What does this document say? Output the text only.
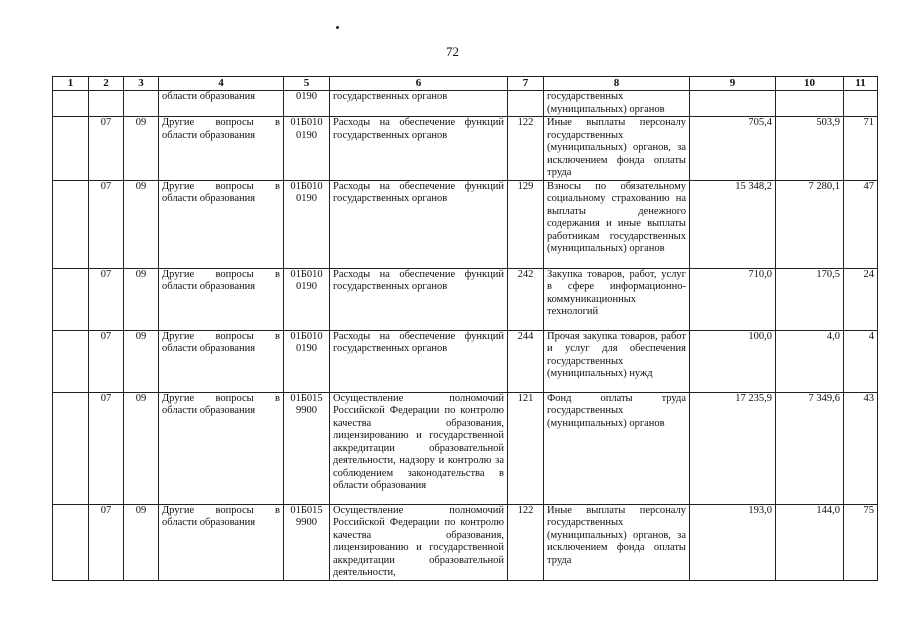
72
1	2	3	4	5	6	7	8	9	10	11
			области образования	0190	государственных органов		государственных (муниципальных) органов			
	07	09	Другие вопросы в области образования	01Б010 0190	Расходы на обеспечение функций государственных органов	122	Иные выплаты персоналу государственных (муниципальных) органов, за исключением фонда оплаты труда	705,4	503,9	71
	07	09	Другие вопросы в области образования	01Б010 0190	Расходы на обеспечение функций государственных органов	129	Взносы по обязательному социальному страхованию на выплаты денежного содержания и иные выплаты работникам государственных (муниципальных) органов	15 348,2	7 280,1	47
	07	09	Другие вопросы в области образования	01Б010 0190	Расходы на обеспечение функций государственных органов	242	Закупка товаров, работ, услуг в сфере информационно-коммуникационных технологий	710,0	170,5	24
	07	09	Другие вопросы в области образования	01Б010 0190	Расходы на обеспечение функций государственных органов	244	Прочая закупка товаров, работ и услуг для обеспечения государственных (муниципальных) нужд	100,0	4,0	4
	07	09	Другие вопросы в области образования	01Б015 9900	Осуществление полномочий Российской Федерации по контролю качества образования, лицензированию и государственной аккредитации образовательной деятельности, надзору и контролю за соблюдением законодательства в области образования	121	Фонд оплаты труда государственных (муниципальных) органов	17 235,9	7 349,6	43
	07	09	Другие вопросы в области образования	01Б015 9900	Осуществление полномочий Российской Федерации по контролю качества образования, лицензированию и государственной аккредитации образовательной деятельности,	122	Иные выплаты персоналу государственных (муниципальных) органов, за исключением фонда оплаты труда	193,0	144,0	75
